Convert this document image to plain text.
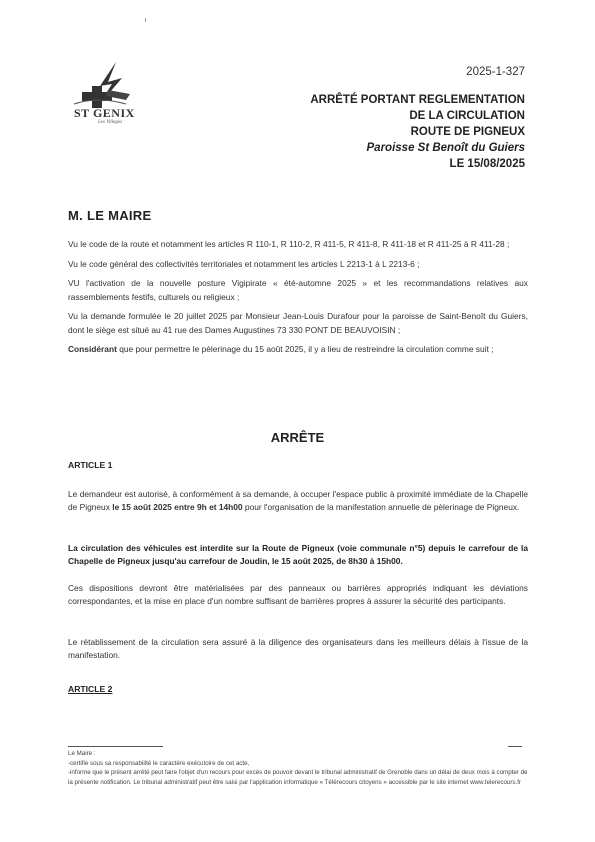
ST GENIX
Les Villages
2025-1-327
ARRÊTÉ PORTANT REGLEMENTATION
DE LA CIRCULATION
ROUTE DE PIGNEUX
Paroisse St Benoît du Guiers
LE 15/08/2025
M. LE MAIRE

Vu le code de la route et notamment les articles R 110-1, R 110-2, R 411-5, R 411-8, R 411-18 et R 411-25 à R 411-28 ;

Vu le code général des collectivités territoriales et notamment les articles L 2213-1 à L 2213-6 ;

VU l'activation de la nouvelle posture Vigipirate « été-automne 2025 » et les recommandations relatives aux rassemblements festifs, culturels ou religieux ;

Vu la demande formulée le 20 juillet 2025 par Monsieur Jean-Louis Durafour pour la paroisse de Saint-Benoît du Guiers, dont le siège est situé au 41 rue des Dames Augustines 73 330 PONT DE BEAUVOISIN ;

Considérant que pour permettre le pèlerinage du 15 août 2025, il y a lieu de restreindre la circulation comme suit ;

ARRÊTE
ARTICLE 1
Le demandeur est autorisé, à conformément à sa demande, à occuper l'espace public à proximité immédiate de la Chapelle de Pigneux le 15 août 2025 entre 9h et 14h00 pour l'organisation de la manifestation annuelle de pèlerinage de Pigneux.
La circulation des véhicules est interdite sur la Route de Pigneux (voie communale n°5) depuis le carrefour de la Chapelle de Pigneux jusqu'au carrefour de Joudin, le 15 août 2025, de 8h30 à 15h00.
Ces dispositions devront être matérialisées par des panneaux ou barrières appropriés indiquant les déviations correspondantes, et la mise en place d'un nombre suffisant de barrières propres à assurer la sécurité des participants.
Le rétablissement de la circulation sera assuré à la diligence des organisateurs dans les meilleurs délais à l'issue de la manifestation.
ARTICLE 2
Le Maire :
-certifie sous sa responsabilité le caractère exécutoire de cet acte,
-informe que le présent arrêté peut faire l'objet d'un recours pour excès de pouvoir devant le tribunal administratif de Grenoble dans un délai de deux mois à compter de la présente notification. Le tribunal administratif peut être saisi par l'application informatique « Télérecours citoyens » accessible par le site internet www.telerecours.fr
